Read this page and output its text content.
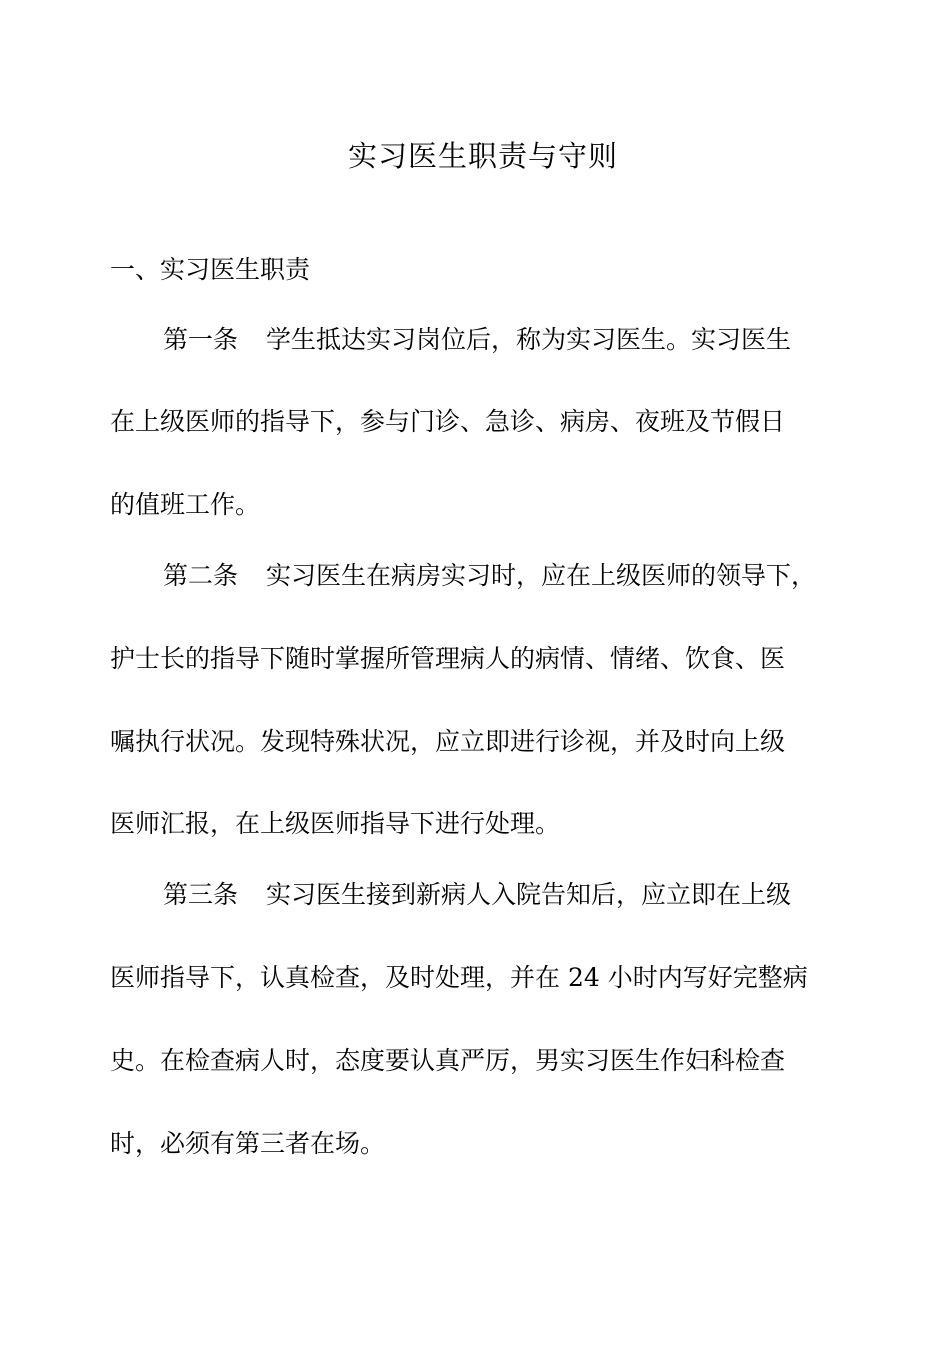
实习医生职责与守则
一、实习医生职责
第一条 学生抵达实习岗位后，称为实习医生。实习医生
在上级医师的指导下，参与门诊、急诊、病房、夜班及节假日
的值班工作。
第二条 实习医生在病房实习时，应在上级医师的领导下，
护士长的指导下随时掌握所管理病人的病情、情绪、饮食、医
嘱执行状况。发现特殊状况，应立即进行诊视，并及时向上级
医师汇报，在上级医师指导下进行处理。
第三条 实习医生接到新病人入院告知后，应立即在上级
医师指导下，认真检查，及时处理，并在 24 小时内写好完整病
史。在检查病人时，态度要认真严厉，男实习医生作妇科检查
时，必须有第三者在场。
